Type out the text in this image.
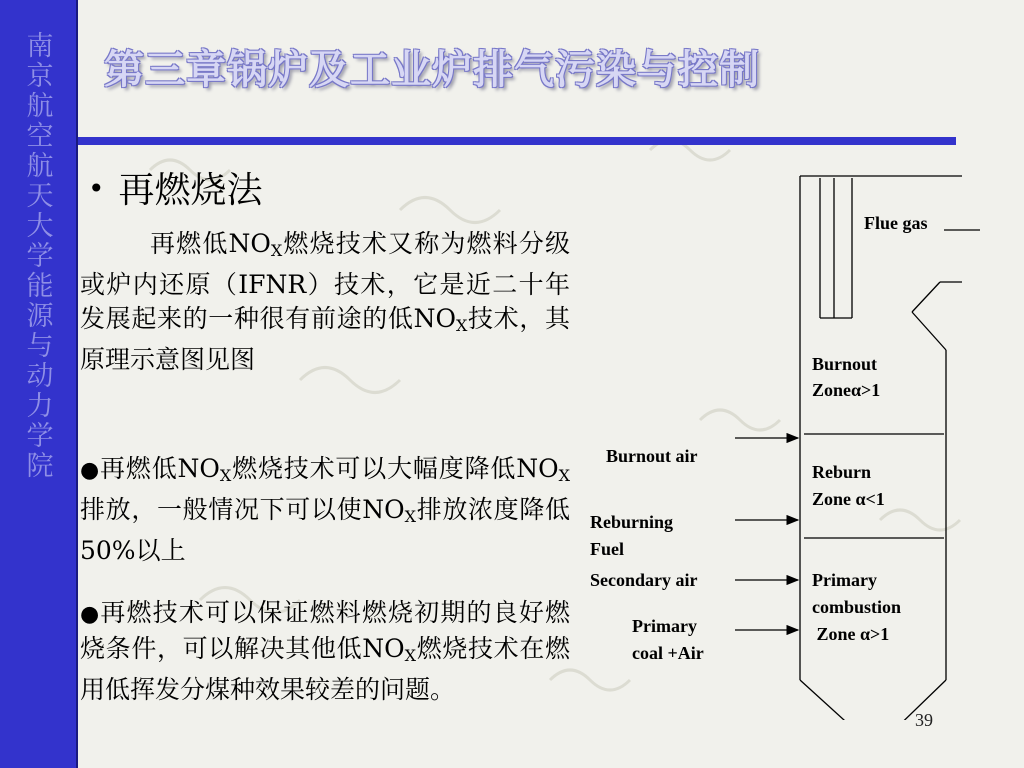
南京航空航天大学能源与动力学院
第三章锅炉及工业炉排气污染与控制
• 再燃烧法
再燃低$NO_X$燃烧技术又称为燃料分级或炉内还原（IFNR）技术，它是近二十年发展起来的一种很有前途的低$NO_X$技术，其原理示意图见图
●再燃低$NO_X$燃烧技术可以大幅度降低$NO_X$排放，一般情况下可以使$NO_X$排放浓度降低50%以上
●再燃技术可以保证燃料燃烧初期的良好燃烧条件，可以解决其他低$NO_X$燃烧技术在燃用低挥发分煤种效果较差的问题。
Flue gas
Burnout
Zoneα>1
Reburn
Zone α<1
Primary
combustion
Zone α>1
Burnout air
Reburning
Fuel
Secondary air
Primary
coal +Air
39
